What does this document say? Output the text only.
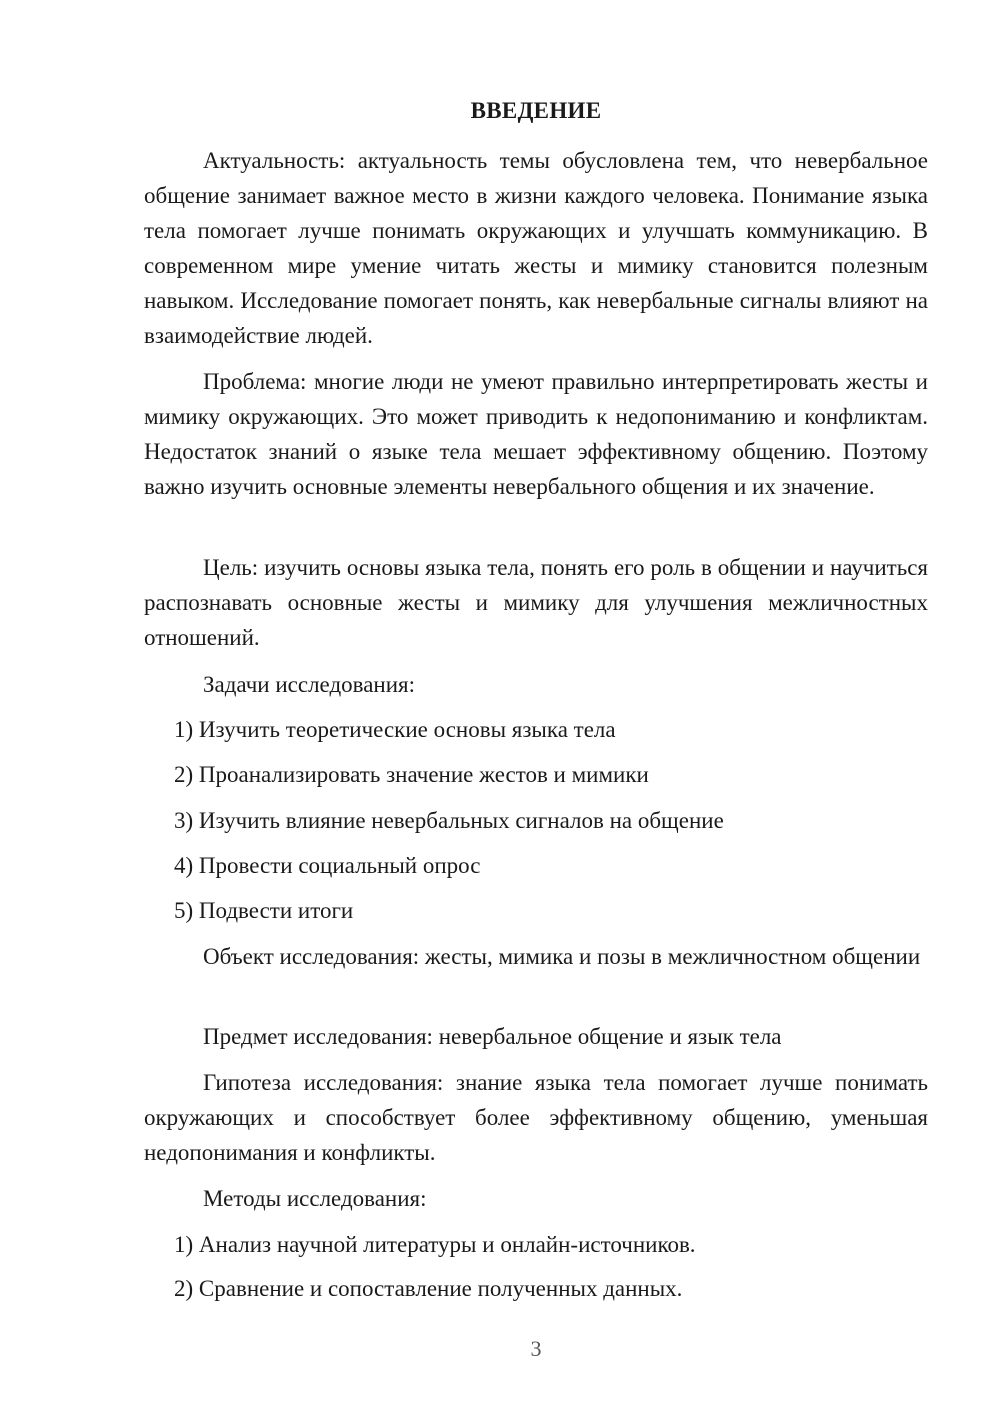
ВВЕДЕНИЕ

Актуальность: актуальность темы обусловлена тем, что невербальное общение занимает важное место в жизни каждого человека. Понимание языка тела помогает лучше понимать окружающих и улучшать коммуникацию. В современном мире умение читать жесты и мимику становится полезным навыком. Исследование помогает понять, как невербальные сигналы влияют на взаимодействие людей.

Проблема: многие люди не умеют правильно интерпретировать жесты и мимику окружающих. Это может приводить к недопониманию и конфликтам. Недостаток знаний о языке тела мешает эффективному общению. Поэтому важно изучить основные элементы невербального общения и их значение.

Цель: изучить основы языка тела, понять его роль в общении и научиться распознавать основные жесты и мимику для улучшения межличностных отношений.

Задачи исследования:

1) Изучить теоретические основы языка тела

2) Проанализировать значение жестов и мимики

3) Изучить влияние невербальных сигналов на общение

4) Провести социальный опрос

5) Подвести итоги

Объект исследования: жесты, мимика и позы в межличностном общении

Предмет исследования: невербальное общение и язык тела

Гипотеза исследования: знание языка тела помогает лучше понимать окружающих и способствует более эффективному общению, уменьшая недопонимания и конфликты.

Методы исследования:

1) Анализ научной литературы и онлайн-источников.

2) Сравнение и сопоставление полученных данных.

3
